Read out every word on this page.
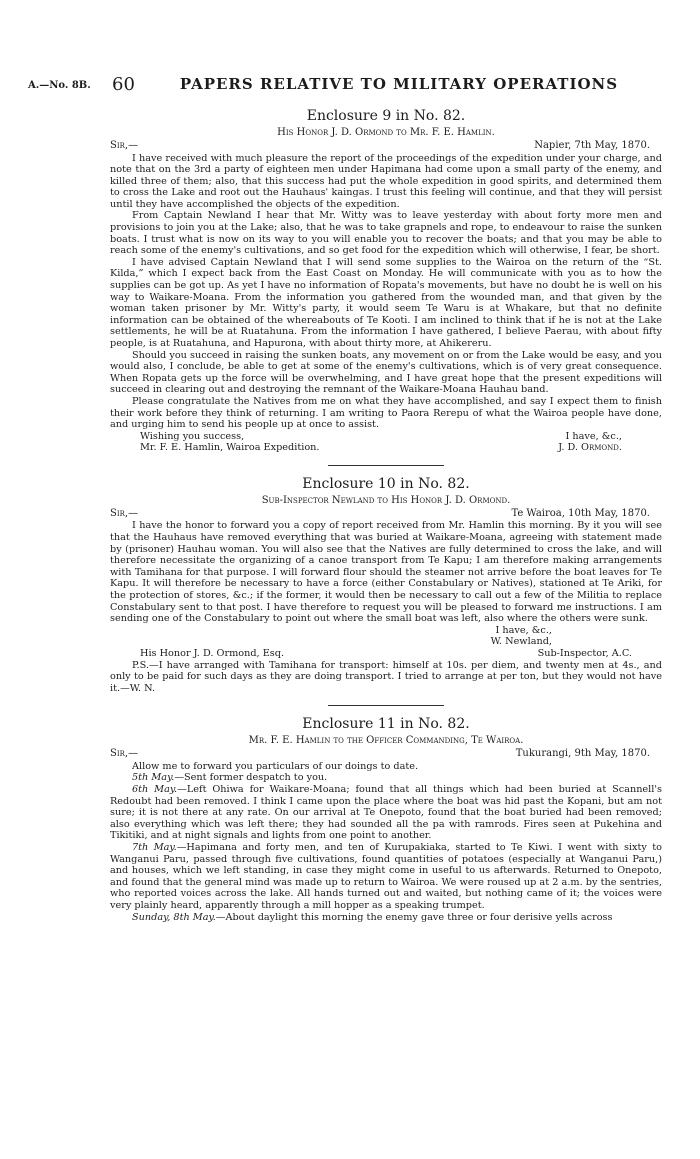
A.—No. 8B. 60	PAPERS RELATIVE TO MILITARY OPERATIONS
Enclosure 9 in No. 82.
His Honor J. D. Ormond to Mr. F. E. Hamlin.
Sir,—	Napier, 7th May, 1870.

I have received with much pleasure the report of the proceedings of the expedition under your charge, and note that on the 3rd a party of eighteen men under Hapimana had come upon a small party of the enemy, and killed three of them; also, that this success had put the whole expedition in good spirits, and determined them to cross the Lake and root out the Hauhaus' kaingas. I trust this feeling will continue, and that they will persist until they have accomplished the objects of the expedition.

From Captain Newland I hear that Mr. Witty was to leave yesterday with about forty more men and provisions to join you at the Lake; also, that he was to take grapnels and rope, to endeavour to raise the sunken boats. I trust what is now on its way to you will enable you to recover the boats; and that you may be able to reach some of the enemy's cultivations, and so get food for the expedition which will otherwise, I fear, be short.

I have advised Captain Newland that I will send some supplies to the Wairoa on the return of the “St. Kilda,” which I expect back from the East Coast on Monday. He will communicate with you as to how the supplies can be got up. As yet I have no information of Ropata's movements, but have no doubt he is well on his way to Waikare-Moana. From the information you gathered from the wounded man, and that given by the woman taken prisoner by Mr. Witty's party, it would seem Te Waru is at Whakare, but that no definite information can be obtained of the whereabouts of Te Kooti. I am inclined to think that if he is not at the Lake settlements, he will be at Ruatahuna. From the information I have gathered, I believe Paerau, with about fifty people, is at Ruatahuna, and Hapurona, with about thirty more, at Ahikereru.

Should you succeed in raising the sunken boats, any movement on or from the Lake would be easy, and you would also, I conclude, be able to get at some of the enemy's cultivations, which is of very great consequence. When Ropata gets up the force will be overwhelming, and I have great hope that the present expeditions will succeed in clearing out and destroying the remnant of the Waikare-Moana Hauhau band.

Please congratulate the Natives from me on what they have accomplished, and say I expect them to finish their work before they think of returning. I am writing to Paora Rerepu of what the Wairoa people have done, and urging him to send his people up at once to assist.

Wishing you success,	I have, &c.,
Mr. F. E. Hamlin, Wairoa Expedition.	J. D. Ormond.
Enclosure 10 in No. 82.
Sub-Inspector Newland to His Honor J. D. Ormond.
Sir,—	Te Wairoa, 10th May, 1870.

I have the honor to forward you a copy of report received from Mr. Hamlin this morning. By it you will see that the Hauhaus have removed everything that was buried at Waikare-Moana, agreeing with statement made by (prisoner) Hauhau woman. You will also see that the Natives are fully determined to cross the lake, and will therefore necessitate the organizing of a canoe transport from Te Kapu; I am therefore making arrangements with Tamihana for that purpose. I will forward flour should the steamer not arrive before the boat leaves for Te Kapu. It will therefore be necessary to have a force (either Constabulary or Natives), stationed at Te Ariki, for the protection of stores, &c.; if the former, it would then be necessary to call out a few of the Militia to replace Constabulary sent to that post. I have therefore to request you will be pleased to forward me instructions. I am sending one of the Constabulary to point out where the small boat was left, also where the others were sunk.

I have, &c.,
W. Newland,
His Honor J. D. Ormond, Esq.	Sub-Inspector, A.C.

P.S.—I have arranged with Tamihana for transport: himself at 10s. per diem, and twenty men at 4s., and only to be paid for such days as they are doing transport. I tried to arrange at per ton, but they would not have it.—W. N.

Enclosure 11 in No. 82.
Mr. F. E. Hamlin to the Officer Commanding, Te Wairoa.
Sir,—	Tukurangi, 9th May, 1870.

Allow me to forward you particulars of our doings to date.

5th May.—Sent former despatch to you.

6th May.—Left Ohiwa for Waikare-Moana; found that all things which had been buried at Scannell's Redoubt had been removed. I think I came upon the place where the boat was hid past the Kopani, but am not sure; it is not there at any rate. On our arrival at Te Onepoto, found that the boat buried had been removed; also everything which was left there; they had sounded all the pa with ramrods. Fires seen at Pukehina and Tikitiki, and at night signals and lights from one point to another.

7th May.—Hapimana and forty men, and ten of Kurupakiaka, started to Te Kiwi. I went with sixty to Wanganui Paru, passed through five cultivations, found quantities of potatoes (especially at Wanganui Paru,) and houses, which we left standing, in case they might come in useful to us afterwards. Returned to Onepoto, and found that the general mind was made up to return to Wairoa. We were roused up at 2 a.m. by the sentries, who reported voices across the lake. All hands turned out and waited, but nothing came of it; the voices were very plainly heard, apparently through a mill hopper as a speaking trumpet.

Sunday, 8th May.—About daylight this morning the enemy gave three or four derisive yells across
